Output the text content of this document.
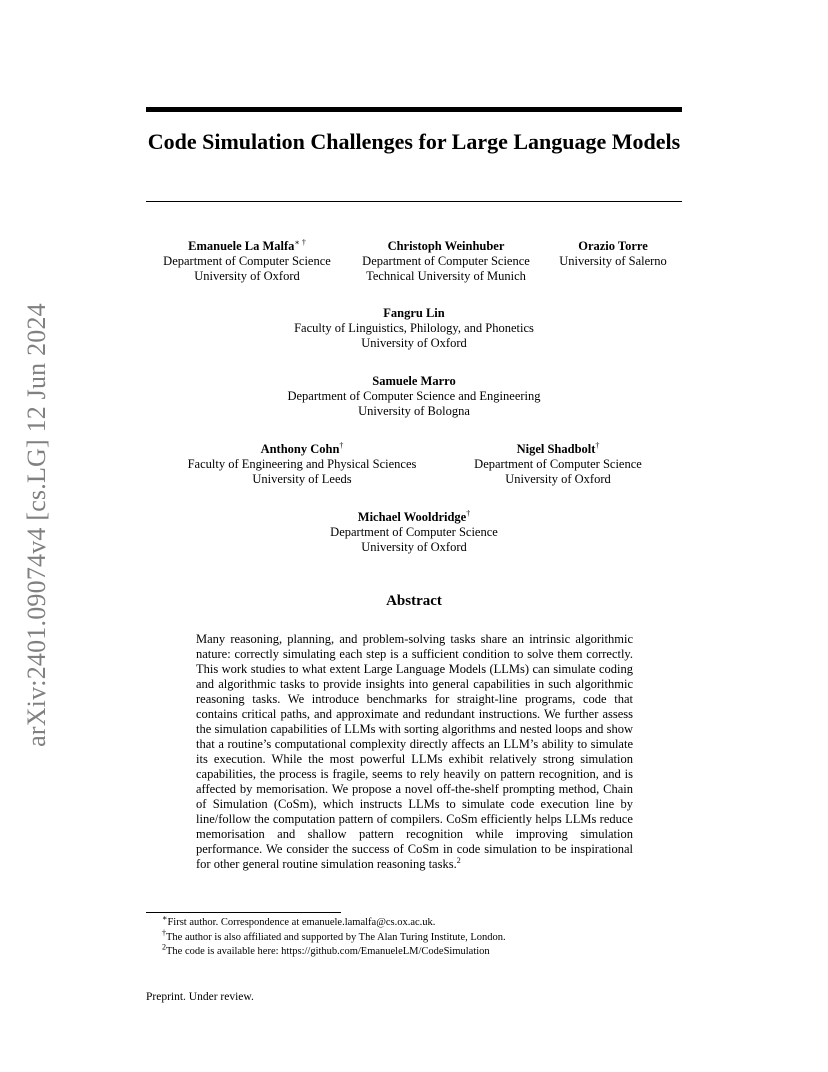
arXiv:2401.09074v4 [cs.LG] 12 Jun 2024
Code Simulation Challenges for Large Language Models
Emanuele La Malfa∗ †
Department of Computer Science
University of Oxford
Christoph Weinhuber
Department of Computer Science
Technical University of Munich
Orazio Torre
University of Salerno
Fangru Lin
Faculty of Linguistics, Philology, and Phonetics
University of Oxford
Samuele Marro
Department of Computer Science and Engineering
University of Bologna
Anthony Cohn†
Faculty of Engineering and Physical Sciences
University of Leeds
Nigel Shadbolt†
Department of Computer Science
University of Oxford
Michael Wooldridge†
Department of Computer Science
University of Oxford
Abstract
Many reasoning, planning, and problem-solving tasks share an intrinsic algorithmic nature: correctly simulating each step is a sufficient condition to solve them correctly. This work studies to what extent Large Language Models (LLMs) can simulate coding and algorithmic tasks to provide insights into general capabilities in such algorithmic reasoning tasks. We introduce benchmarks for straight-line programs, code that contains critical paths, and approximate and redundant instructions. We further assess the simulation capabilities of LLMs with sorting algorithms and nested loops and show that a routine’s computational complexity directly affects an LLM’s ability to simulate its execution. While the most powerful LLMs exhibit relatively strong simulation capabilities, the process is fragile, seems to rely heavily on pattern recognition, and is affected by memorisation. We propose a novel off-the-shelf prompting method, Chain of Simulation (CoSm), which instructs LLMs to simulate code execution line by line/follow the computation pattern of compilers. CoSm efficiently helps LLMs reduce memorisation and shallow pattern recognition while improving simulation performance. We consider the success of CoSm in code simulation to be inspirational for other general routine simulation reasoning tasks.$^2$
∗First author. Correspondence at emanuele.lamalfa@cs.ox.ac.uk.
†The author is also affiliated and supported by The Alan Turing Institute, London.
$^2$The code is available here: https://github.com/EmanueleLM/CodeSimulation
Preprint. Under review.
